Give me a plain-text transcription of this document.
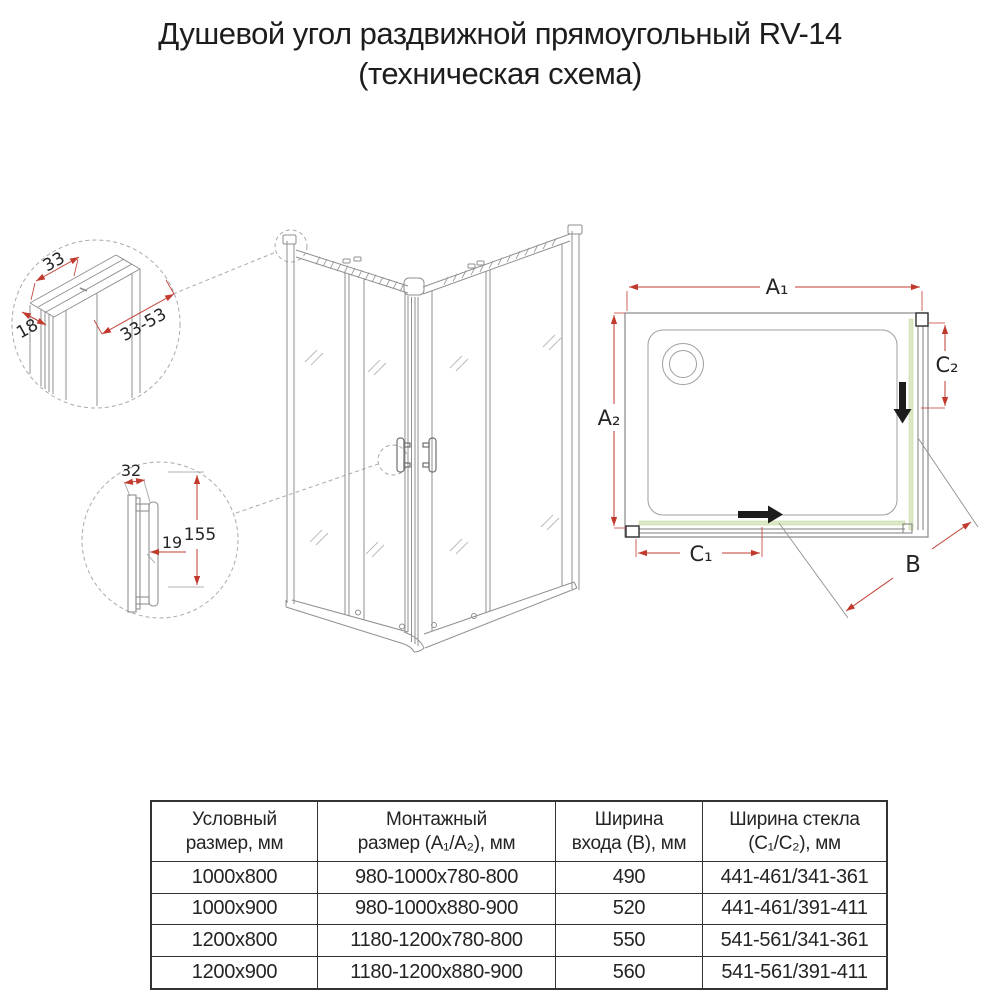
Душевой угол раздвижной прямоугольный RV-14
(техническая схема)
33
18	33-53
32
19 155
A₁
A₂
C₂
C₁	B
Условный
размер, мм
Монтажный
размер (A₁/A₂), мм
Ширина
входа (B), мм
Ширина стекла
(C₁/C₂), мм
1000x800	980-1000x780-800	490	441-461/341-361
1000x900	980-1000x880-900	520	441-461/391-411
1200x800	1180-1200x780-800	550	541-561/341-361
1200x900	1180-1200x880-900	560	541-561/391-411
